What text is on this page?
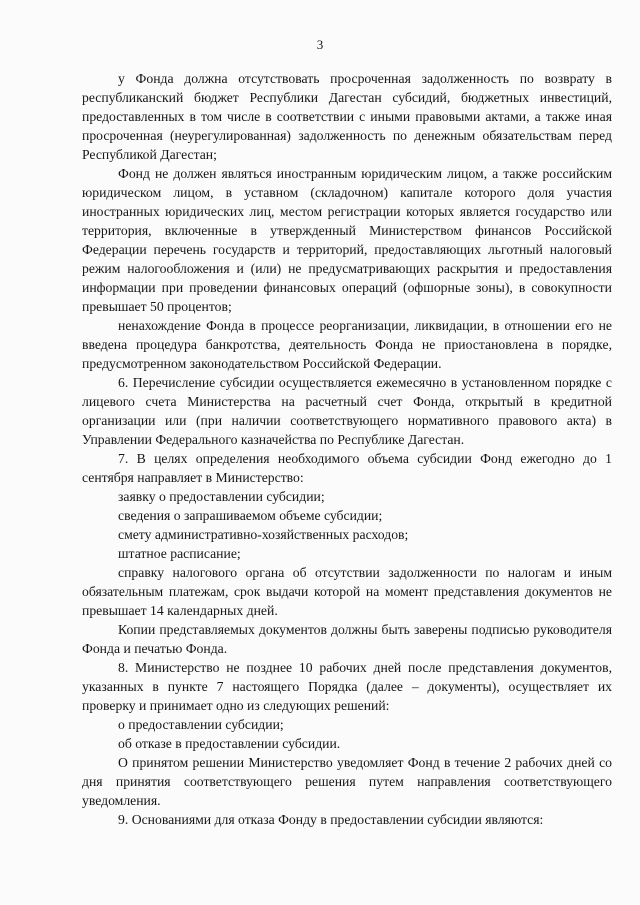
3

у Фонда должна отсутствовать просроченная задолженность по возврату в республиканский бюджет Республики Дагестан субсидий, бюджетных инвестиций, предоставленных в том числе в соответствии с иными правовыми актами, а также иная просроченная (неурегулированная) задолженность по денежным обязательствам перед Республикой Дагестан;

Фонд не должен являться иностранным юридическим лицом, а также российским юридическом лицом, в уставном (складочном) капитале которого доля участия иностранных юридических лиц, местом регистрации которых является государство или территория, включенные в утвержденный Министерством финансов Российской Федерации перечень государств и территорий, предоставляющих льготный налоговый режим налогообложения и (или) не предусматривающих раскрытия и предоставления информации при проведении финансовых операций (офшорные зоны), в совокупности превышает 50 процентов;

ненахождение Фонда в процессе реорганизации, ликвидации, в отношении его не введена процедура банкротства, деятельность Фонда не приостановлена в порядке, предусмотренном законодательством Российской Федерации.

6. Перечисление субсидии осуществляется ежемесячно в установленном порядке с лицевого счета Министерства на расчетный счет Фонда, открытый в кредитной организации или (при наличии соответствующего нормативного правового акта) в Управлении Федерального казначейства по Республике Дагестан.

7. В целях определения необходимого объема субсидии Фонд ежегодно до 1 сентября направляет в Министерство:

заявку о предоставлении субсидии;

сведения о запрашиваемом объеме субсидии;

смету административно-хозяйственных расходов;

штатное расписание;

справку налогового органа об отсутствии задолженности по налогам и иным обязательным платежам, срок выдачи которой на момент представления документов не превышает 14 календарных дней.

Копии представляемых документов должны быть заверены подписью руководителя Фонда и печатью Фонда.

8. Министерство не позднее 10 рабочих дней после представления документов, указанных в пункте 7 настоящего Порядка (далее – документы), осуществляет их проверку и принимает одно из следующих решений:

о предоставлении субсидии;

об отказе в предоставлении субсидии.

О принятом решении Министерство уведомляет Фонд в течение 2 рабочих дней со дня принятия соответствующего решения путем направления соответствующего уведомления.

9. Основаниями для отказа Фонду в предоставлении субсидии являются:
